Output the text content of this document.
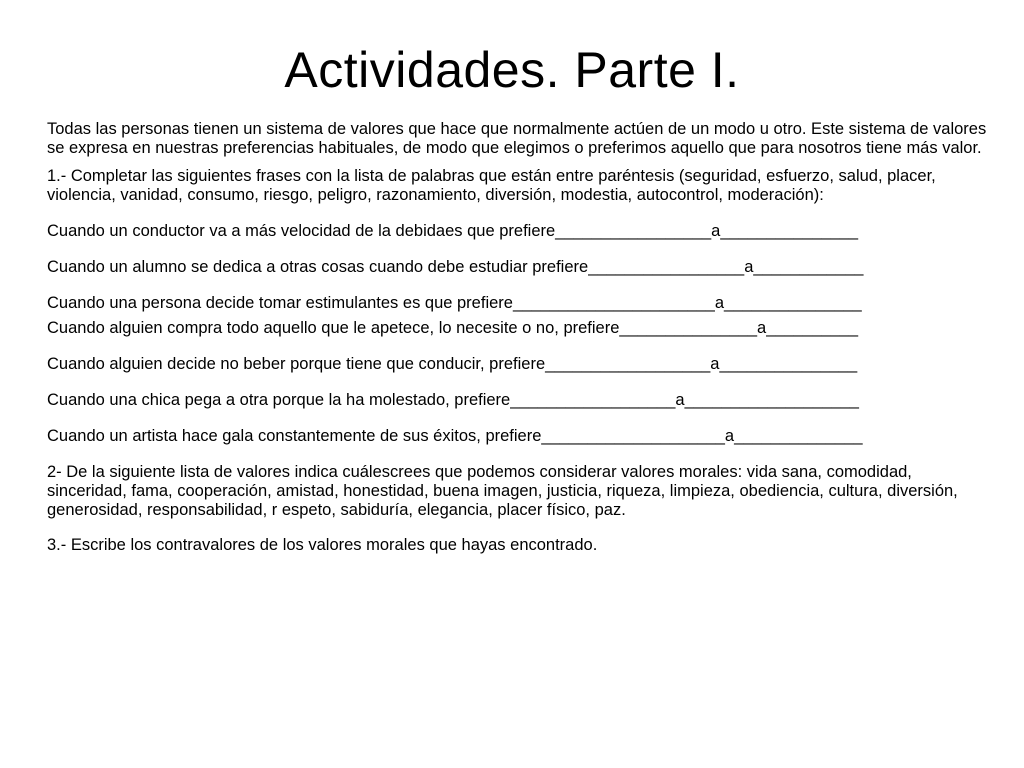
Actividades. Parte I.

Todas las personas tienen un sistema de valores que hace que normalmente actúen de un modo u otro. Este sistema de valores se expresa en nuestras preferencias habituales, de modo que elegimos o preferimos aquello que para nosotros tiene más valor.

1.- Completar las siguientes frases con la lista de palabras que están entre paréntesis (seguridad, esfuerzo, salud, placer, violencia, vanidad, consumo, riesgo, peligro, razonamiento, diversión, modestia, autocontrol, moderación):

Cuando un conductor va a más velocidad de la debidaes que prefiere_________________a_______________

Cuando un alumno se dedica a otras cosas cuando debe estudiar prefiere_________________a____________

Cuando una persona decide tomar estimulantes es que prefiere______________________a_______________

Cuando alguien compra todo aquello que le apetece, lo necesite o no, prefiere_______________a__________

Cuando alguien decide no beber porque tiene que conducir, prefiere__________________a_______________

Cuando una chica pega a otra porque la ha molestado, prefiere__________________a___________________

Cuando un artista hace gala constantemente de sus éxitos, prefiere____________________a______________

2- De la siguiente lista de valores indica cuálescrees que podemos considerar valores morales: vida sana, comodidad, sinceridad, fama, cooperación, amistad, honestidad, buena imagen, justicia, riqueza, limpieza, obediencia, cultura, diversión, generosidad, responsabilidad, r espeto, sabiduría, elegancia, placer físico, paz.

3.- Escribe los contravalores de los valores morales que hayas encontrado.
